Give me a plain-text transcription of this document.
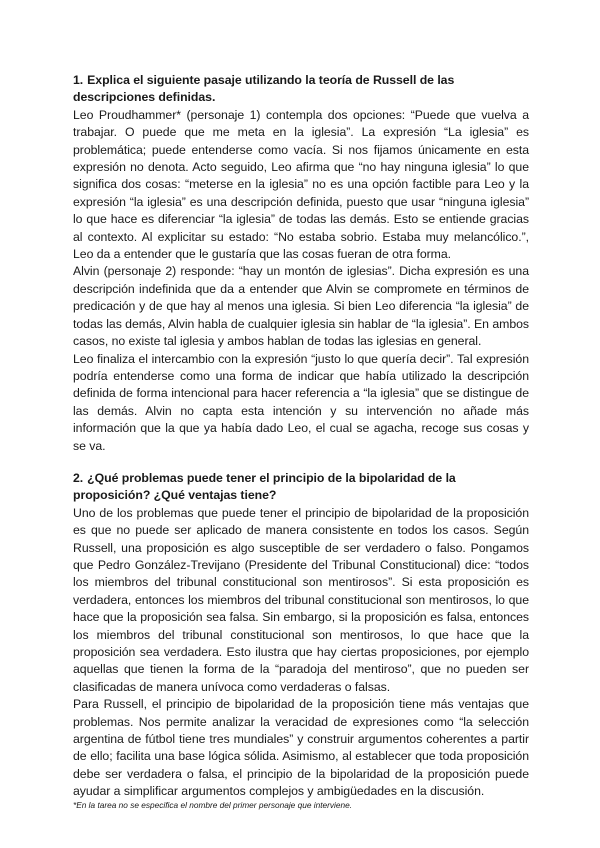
1. Explica el siguiente pasaje utilizando la teoría de Russell de las descripciones definidas.

Leo Proudhammer* (personaje 1) contempla dos opciones: “Puede que vuelva a trabajar. O puede que me meta en la iglesia”. La expresión “La iglesia” es problemática; puede entenderse como vacía. Si nos fijamos únicamente en esta expresión no denota. Acto seguido, Leo afirma que “no hay ninguna iglesia” lo que significa dos cosas: “meterse en la iglesia” no es una opción factible para Leo y la expresión “la iglesia” es una descripción definida, puesto que usar “ninguna iglesia” lo que hace es diferenciar “la iglesia” de todas las demás. Esto se entiende gracias al contexto. Al explicitar su estado: “No estaba sobrio. Estaba muy melancólico.”, Leo da a entender que le gustaría que las cosas fueran de otra forma.

Alvin (personaje 2) responde: “hay un montón de iglesias”. Dicha expresión es una descripción indefinida que da a entender que Alvin se compromete en términos de predicación y de que hay al menos una iglesia. Si bien Leo diferencia “la iglesia” de todas las demás, Alvin habla de cualquier iglesia sin hablar de “la iglesia”. En ambos casos, no existe tal iglesia y ambos hablan de todas las iglesias en general.

Leo finaliza el intercambio con la expresión “justo lo que quería decir”. Tal expresión podría entenderse como una forma de indicar que había utilizado la descripción definida de forma intencional para hacer referencia a “la iglesia” que se distingue de las demás. Alvin no capta esta intención y su intervención no añade más información que la que ya había dado Leo, el cual se agacha, recoge sus cosas y se va.

2. ¿Qué problemas puede tener el principio de la bipolaridad de la proposición? ¿Qué ventajas tiene?

Uno de los problemas que puede tener el principio de bipolaridad de la proposición es que no puede ser aplicado de manera consistente en todos los casos. Según Russell, una proposición es algo susceptible de ser verdadero o falso. Pongamos que Pedro González-Trevijano (Presidente del Tribunal Constitucional) dice: “todos los miembros del tribunal constitucional son mentirosos”. Si esta proposición es verdadera, entonces los miembros del tribunal constitucional son mentirosos, lo que hace que la proposición sea falsa. Sin embargo, si la proposición es falsa, entonces los miembros del tribunal constitucional son mentirosos, lo que hace que la proposición sea verdadera. Esto ilustra que hay ciertas proposiciones, por ejemplo aquellas que tienen la forma de la “paradoja del mentiroso”, que no pueden ser clasificadas de manera unívoca como verdaderas o falsas.

Para Russell, el principio de bipolaridad de la proposición tiene más ventajas que problemas. Nos permite analizar la veracidad de expresiones como “la selección argentina de fútbol tiene tres mundiales” y construir argumentos coherentes a partir de ello; facilita una base lógica sólida. Asimismo, al establecer que toda proposición debe ser verdadera o falsa, el principio de la bipolaridad de la proposición puede ayudar a simplificar argumentos complejos y ambigüedades en la discusión.

*En la tarea no se especifica el nombre del primer personaje que interviene.
